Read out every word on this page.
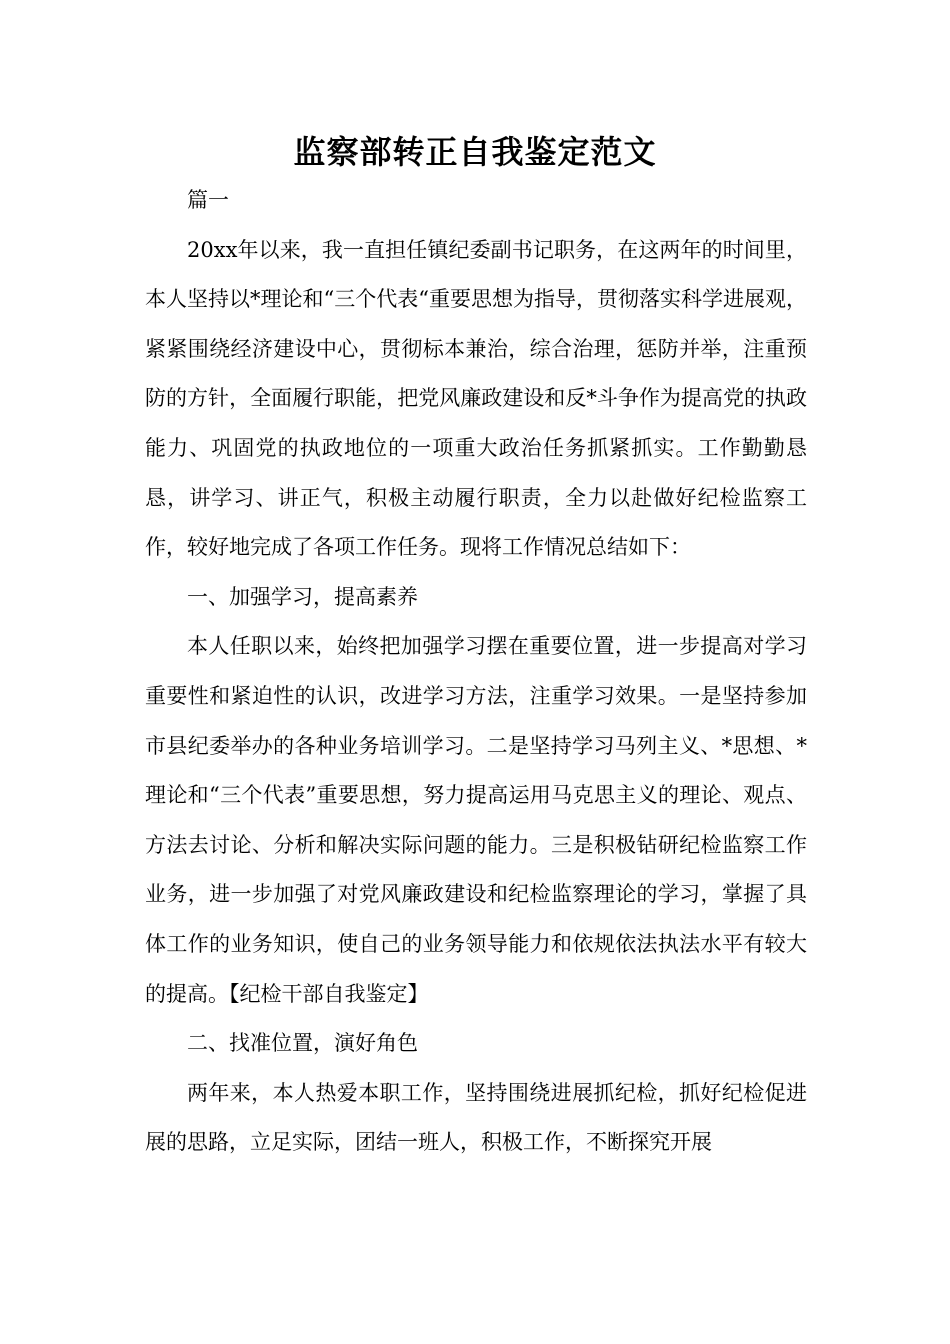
监察部转正自我鉴定范文

篇一

20xx年以来，我一直担任镇纪委副书记职务，在这两年的时间里，本人坚持以*理论和“三个代表“重要思想为指导，贯彻落实科学进展观，紧紧围绕经济建设中心，贯彻标本兼治，综合治理，惩防并举，注重预防的方针，全面履行职能，把党风廉政建设和反*斗争作为提高党的执政能力、巩固党的执政地位的一项重大政治任务抓紧抓实。工作勤勤恳恳，讲学习、讲正气，积极主动履行职责，全力以赴做好纪检监察工作，较好地完成了各项工作任务。现将工作情况总结如下：

一、加强学习，提高素养

本人任职以来，始终把加强学习摆在重要位置，进一步提高对学习重要性和紧迫性的认识，改进学习方法，注重学习效果。一是坚持参加市县纪委举办的各种业务培训学习。二是坚持学习马列主义、*思想、*理论和“三个代表”重要思想，努力提高运用马克思主义的理论、观点、方法去讨论、分析和解决实际问题的能力。三是积极钻研纪检监察工作业务，进一步加强了对党风廉政建设和纪检监察理论的学习，掌握了具体工作的业务知识，使自己的业务领导能力和依规依法执法水平有较大的提高。【纪检干部自我鉴定】

二、找准位置，演好角色

两年来，本人热爱本职工作，坚持围绕进展抓纪检，抓好纪检促进展的思路，立足实际，团结一班人，积极工作，不断探究开展
